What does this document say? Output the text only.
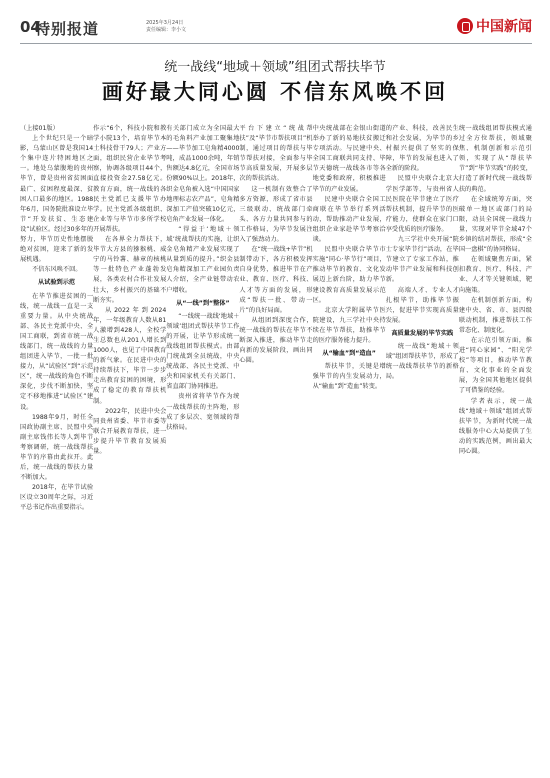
04
特别报道	2025年3月24日
责任编辑：李小文	中国新闻
统一战线“地域＋领域”组团式帮扶毕节
画好最大同心圆 不信东风唤不回

（上接01版）

上个世纪只是一个暗影，乌蒙山区曾是我国14个集中连片特困地区之一。地处乌蒙腹地的贵州毕节，曾是贵州省贫困面最广、贫困程度最深、贫困人口最多的地区。1988年6月，国务院批准设立毕节“开发扶贫、生态建设”试验区。经过30多年的努力，毕节历史性地摆脱绝对贫困，迎来了新的发展机遇。

不信东风唤不回。

从试验到示范

在毕节推进贫困的一线，统一战线一直是一支重要力量。从中央统战部、各民主党派中央、全国工商联，到省市统一战线部门，统一战线的力量组团进入毕节，一批一批接力，从“试验区”到“示范区”，统一战线的角色不断深化，步伐不断加快，坚定不移地推进“试验区”建设。

1988年9月，时任全国政协副主席、民盟中央副主席钱伟长等人到毕节考察调研，统一战线帮扶毕节的序幕由此拉开。此后，统一战线的帮扶力量不断加大。

2018年，在毕节试验区设立30周年之际，习近平总书记作出重要指示。

作示“6个，科技小院和教学小院13个，培育毕节本土科技骨干79人；产业方面，组织民营企业毕节考察，协调各级项目44个，直接投资金27.58亿元。教育方面，统一战线的各民主党派已支援毕节办学。民主党派各级组织、企业等与毕节市多所学校开展帮扶。

在各界全力帮扶下，毕节大方县的猕猴桃、威宁的马铃薯、赫章的核桃等一批特色产业蓬勃发展，各类农村合作社发展壮大，乡村振兴的基础不断夯实。

从2022年到2024年，一年级教育人数从81人激增到428人，全校学生总数也从201人增长到1000人，也见了中国教育的新气象。在民进中央的持续帮扶下，毕节一步步走出教育贫困的困境，形成了稳定的教育帮扶机制。

2022年，民进中央会同贵州省委、毕节市委等联合开展教育帮扶，进一步提升毕节教育发展质量。

有关部门成立为全国最大的毛角料产业加工聚集地——毕节加工皂角精4000吨，成品1000余吨，年销售额达4.8亿元，全国市场份额90%以上。2018年，织金皂角被入选“中国国家地理标志农产品”，皂角精深加工产值突破10亿元，皂角产业发展一体化。

“得益于‘地域＋领域’统战帮扶的实施，让织金皂角精产业发展实现了从量到质的提升。”织金县皂角精深加工产业园负责人介绍，全产业链带动农户增收。

从“一线”到“整体”

“一线统一战线‘地域＋领域’组团式帮扶毕节工作的开展，让毕节形成统一战线组团帮扶模式。由部门统战到全员统战，中央统战部、各民主党派、中央和国家机关有关部门、省直部门协同推进。

贵州省将毕节作为统一战线帮扶的主阵地，形成了多层次、宽领域的帮扶格局。

平台下建立“统战帮扶”及“毕节市帮扶项目”机制，通过项目的帮扶与毕节帮扶对接，全面参与毕节高质量发展，开展多层次的帮扶活动。

这一机制有效整合了多方资源，形成了省市县三级联动、统战部门牵头、各方力量共同参与的工作格局，为毕节发展注入了强劲动力。

在“统一战线+毕节”机制带动下，各方积极发挥自身优势，推进毕节在产业、教育、医疗、科技、人才等方面的发展，形成“帮扶一批、带动一片”的良好局面。

从组团到深度合作，统一战线的帮扶在毕节不断深入推进，推动毕节走向新的发展阶段，画出同心圆。

中央统战部在金银山街道举办了新的易地扶贫搬迁专项活动。与民建中央、全国工商联共同支持、毕节天德统一战线各市等各地党委和政府，积极推进毕节的产业发展。

民建中央联合全国工商联在毕节举行系列活动，帮助推动产业发展，组织企业家赴毕节考察洽谈。

民盟中央联合毕节市实施“同心·毕节行”项目，推动毕节的教育、文化发展迈上新台阶，助力毕节建设教育高质量发展示范区。

北京大学附属毕节医院建设，九三学社中央持续在毕节帮扶，助推毕节的医疗服务能力提升。

从“输血”到“造血”

帮扶毕节，关键是增强毕节的内生发展动力，从“输血”到“造血”转变。

的产业、科技，改善民生和社会发展，为毕节的乡村振兴提供了坚实的保障，毕节的发展也进入了全新的阶段。

民盟中央联合北京大学医学部等，与贵州省人民医院在毕节建立了医疗帮扶机制，提升毕节的医疗能力，使群众在家门口享受优质的医疗服务。

九三学社中央开展“院士专家毕节行”活动，在毕节建立了专家工作站，推动毕节产业发展和科技创新。

高端人才、专业人才扎根毕节，助推毕节振兴，促进毕节实现高质量发展。

高质量发展的毕节实践

统一战线“地域＋领域”组团帮扶毕节，形成了统一战线帮扶毕节的新格局。

统一战线组团帮扶模式通过全方位帮扶，领域聚焦、机制创新和示范引领，实现了从“帮扶毕节”到“毕节实践”的转变，打造了新时代统一战线帮扶的典范。

在全域统筹方面，突破单一地区或部门的局限，动员全国统一战线力量，实现对毕节全域47个乡镇的结对帮扶，形成“全国一盘棋”的协同格局。

在领域聚焦方面，紧扣教育、医疗、科技、产业、人才等关键领域，靶向施策。

在机制创新方面，构建中央、省、市、县四级联动机制，推进帮扶工作常态化、制度化。

在示范引领方面，推进“同心家园”、“阳光学校”等项目，推动毕节教育、文化事业的全面发展，为全国其他地区提供了可借鉴的经验。

学者表示，统一战线“地域＋领域”组团式帮扶毕节，为新时代统一战线服务中心大局提供了生动的实践范例，画出最大同心圆。
